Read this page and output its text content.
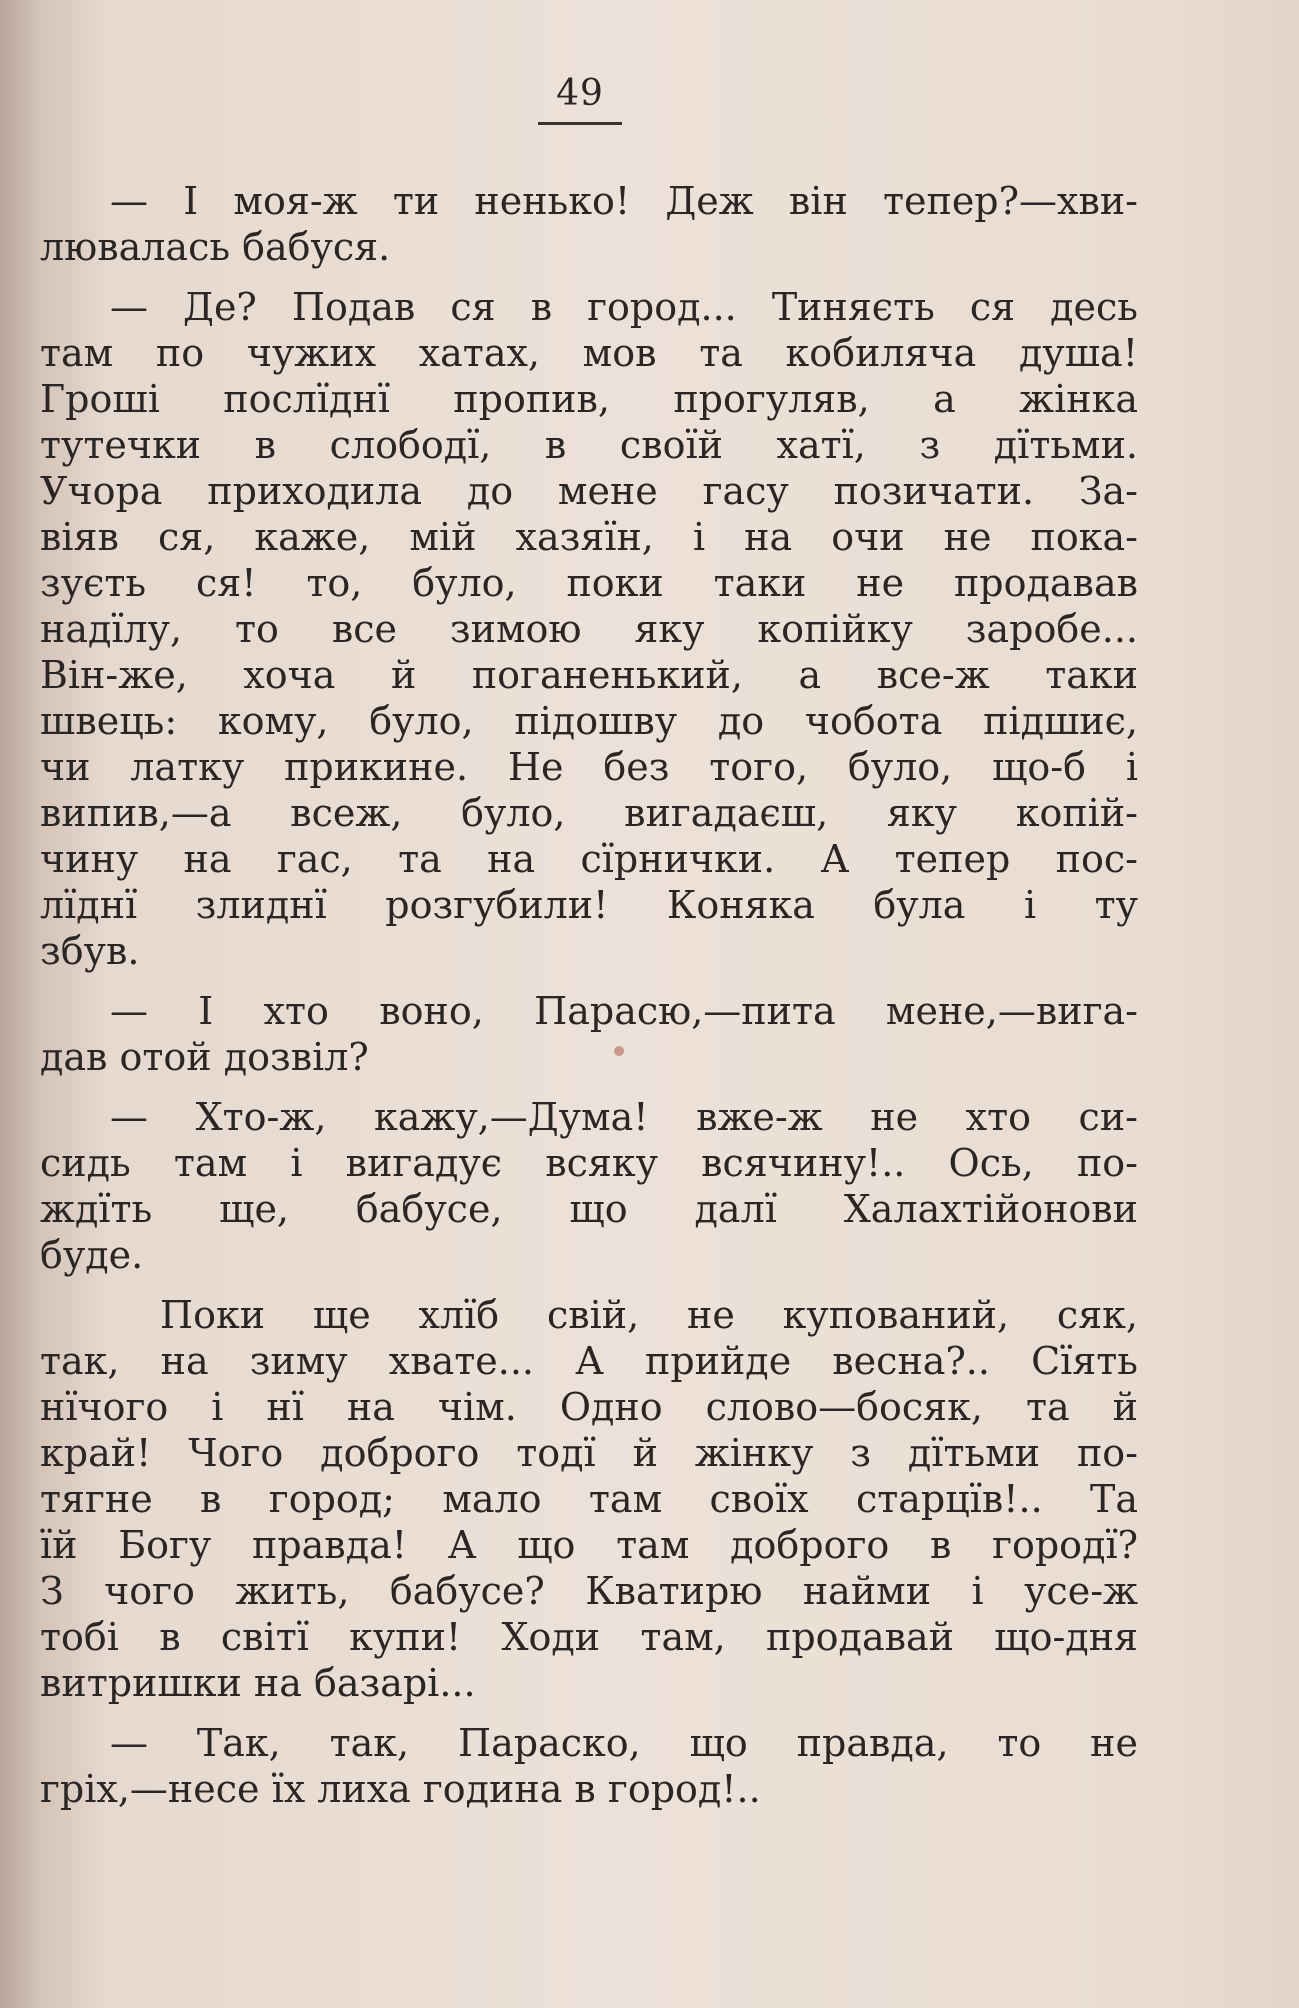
49

— І моя-ж ти ненько! Деж він тепер?—хви-
лювалась бабуся.

— Де? Подав ся в город... Тиняєть ся десь
там по чужих хатах, мов та кобиляча душа!
Гроші послїднї пропив, прогуляв, а жінка
тутечки в слободї, в своїй хатї, з дїтьми.
Учора приходила до мене гасу позичати. За-
віяв ся, каже, мій хазяїн, і на очи не пока-
зуєть ся! то, було, поки таки не продавав
надїлу, то все зимою яку копійку заробе...
Він-же, хоча й поганенький, а все-ж таки
швець: кому, було, підошву до чобота підшиє,
чи латку прикине. Не без того, було, що-б і
випив,—а всеж, було, вигадаєш, яку копій-
чину на гас, та на сїрнички. А тепер пос-
лїднї злиднї розгубили! Коняка була і ту
збув.

— І хто воно, Парасю,—пита мене,—вига-
дав отой дозвіл?

— Хто-ж, кажу,—Дума! вже-ж не хто си-
сидь там і вигадує всяку всячину!.. Ось, по-
ждїть ще, бабусе, що далї Халахтійонови
буде.

Поки ще хлїб свій, не купований, сяк,
так, на зиму хвате... А прийде весна?.. Сїять
нїчого і нї на чім. Одно слово—босяк, та й
край! Чого доброго тодї й жінку з дїтьми по-
тягне в город; мало там своїх старцїв!.. Та
їй Богу правда! А що там доброго в городї?
З чого жить, бабусе? Кватирю найми і усе-ж
тобі в світї купи! Ходи там, продавай що-дня
витришки на базарі...

— Так, так, Параско, що правда, то не
гріх,—несе їх лиха година в город!..
